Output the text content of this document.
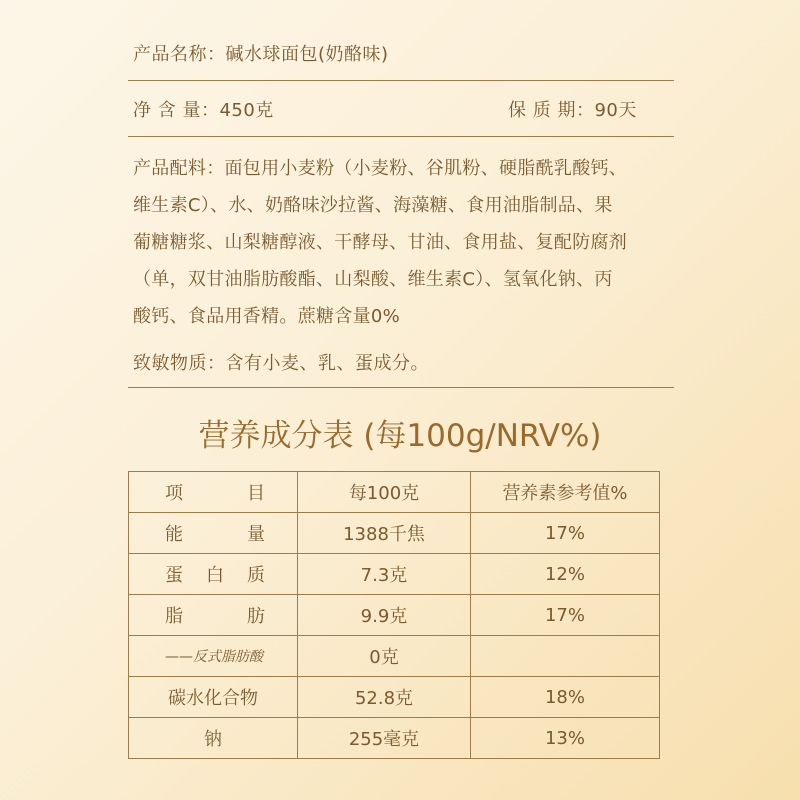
产品名称：碱水球面包(奶酪味)
净 含 量：450克	保 质 期：90天
产品配料：面包用小麦粉（小麦粉、谷肌粉、硬脂酰乳酸钙、
维生素C）、水、奶酪味沙拉酱、海藻糖、食用油脂制品、果
葡糖糖浆、山梨糖醇液、干酵母、甘油、食用盐、复配防腐剂
（单，双甘油脂肪酸酯、山梨酸、维生素C）、氢氧化钠、丙
酸钙、食品用香精。蔗糖含量0%
致敏物质：含有小麦、乳、蛋成分。
营养成分表 (每100g/NRV%)
项 目	每100克	营养素参考值%

能 量	1388千焦	17%

蛋 白 质	7.3克	12%

脂 肪	9.9克	17%
——反式脂肪酸	0克	
碳水化合物	52.8克	18%
钠	255毫克	13%
